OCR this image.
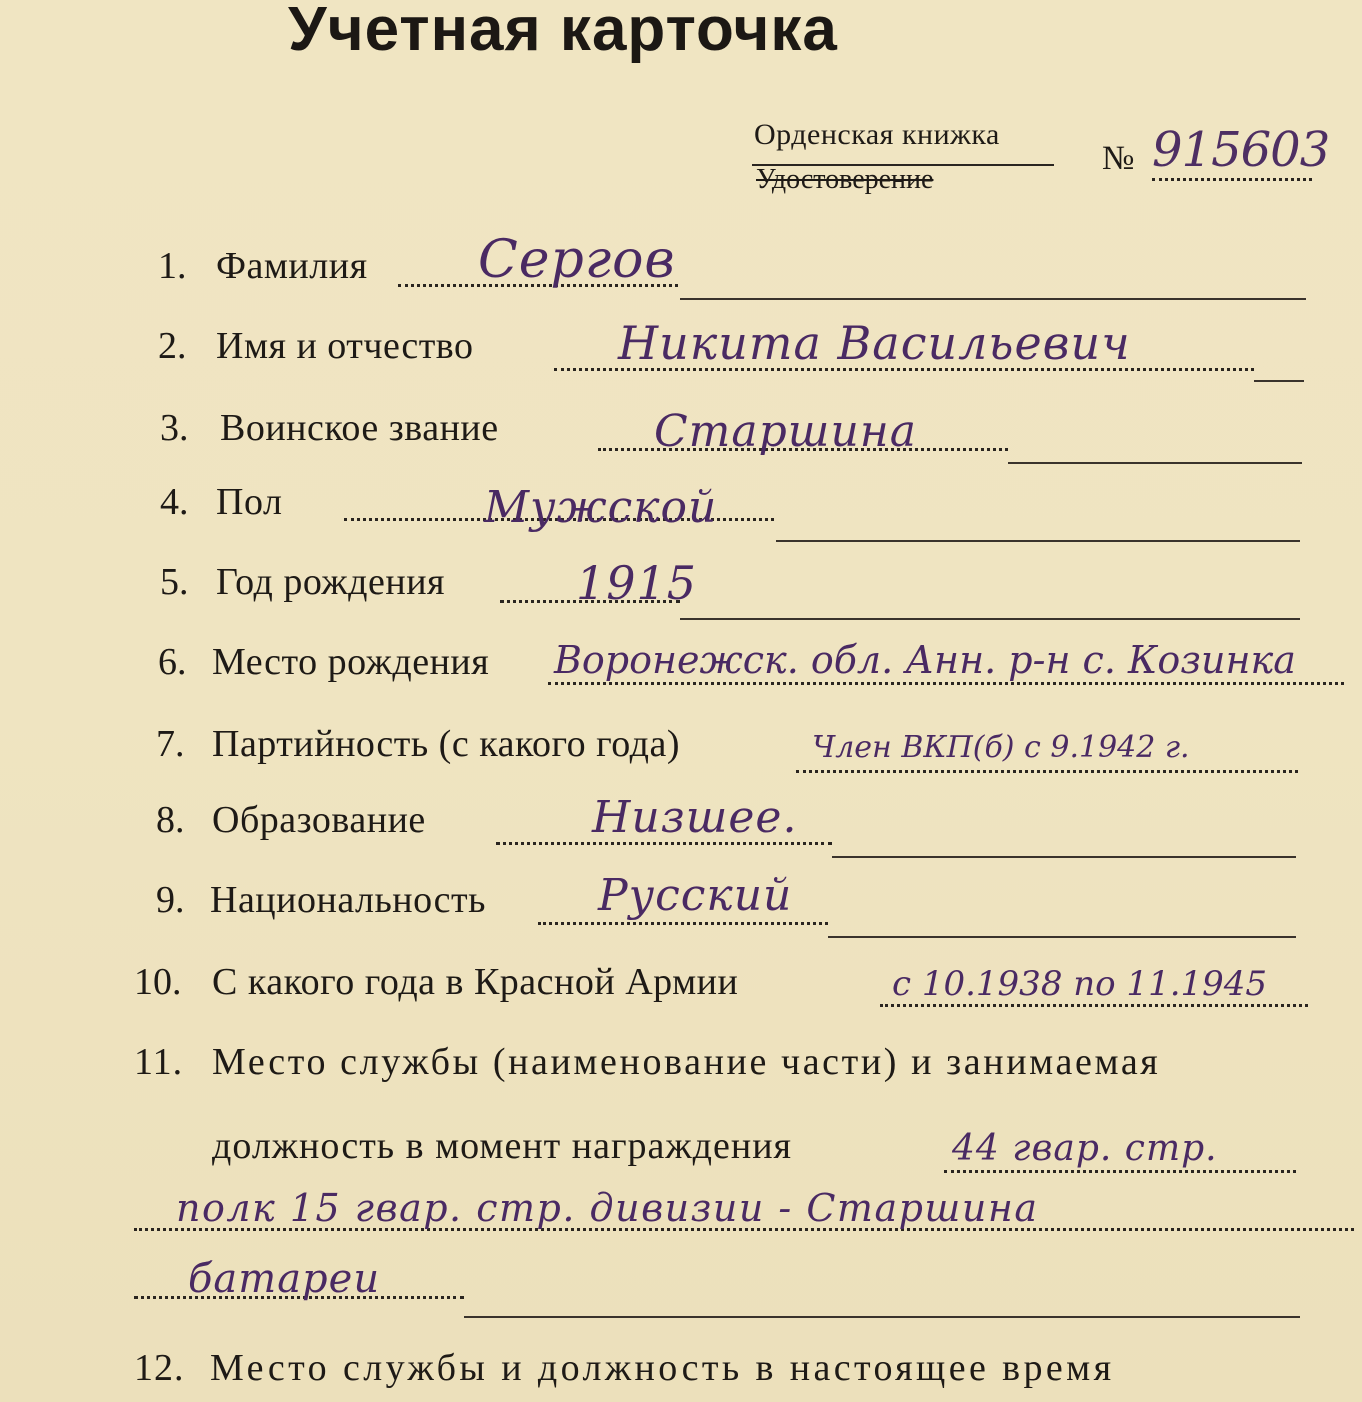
Учетная карточка
Орденская книжка
Удостоверение
№ 915603
1. Фамилия Сергов
2. Имя и отчество	Никита Васильевич
3. Воинское звание	Старшина
4. Пол	Мужской
5. Год рождения	1915
6. Место рождения Воронежск. обл. Анн. р-н с. Козинка
7. Партийность (с какого года)	Член ВКП(б) с 9.1942 г.
8. Образование	Низшее.
9. Национальность	Русский
10. С какого года в Красной Армии	с 10.1938 по 11.1945
11. Место службы (наименование части) и занимаемая
должность в момент награждения	44 гвар. стр.
полк 15 гвар. стр. дивизии - Старшина
батареи
12. Место службы и должность в настоящее время
